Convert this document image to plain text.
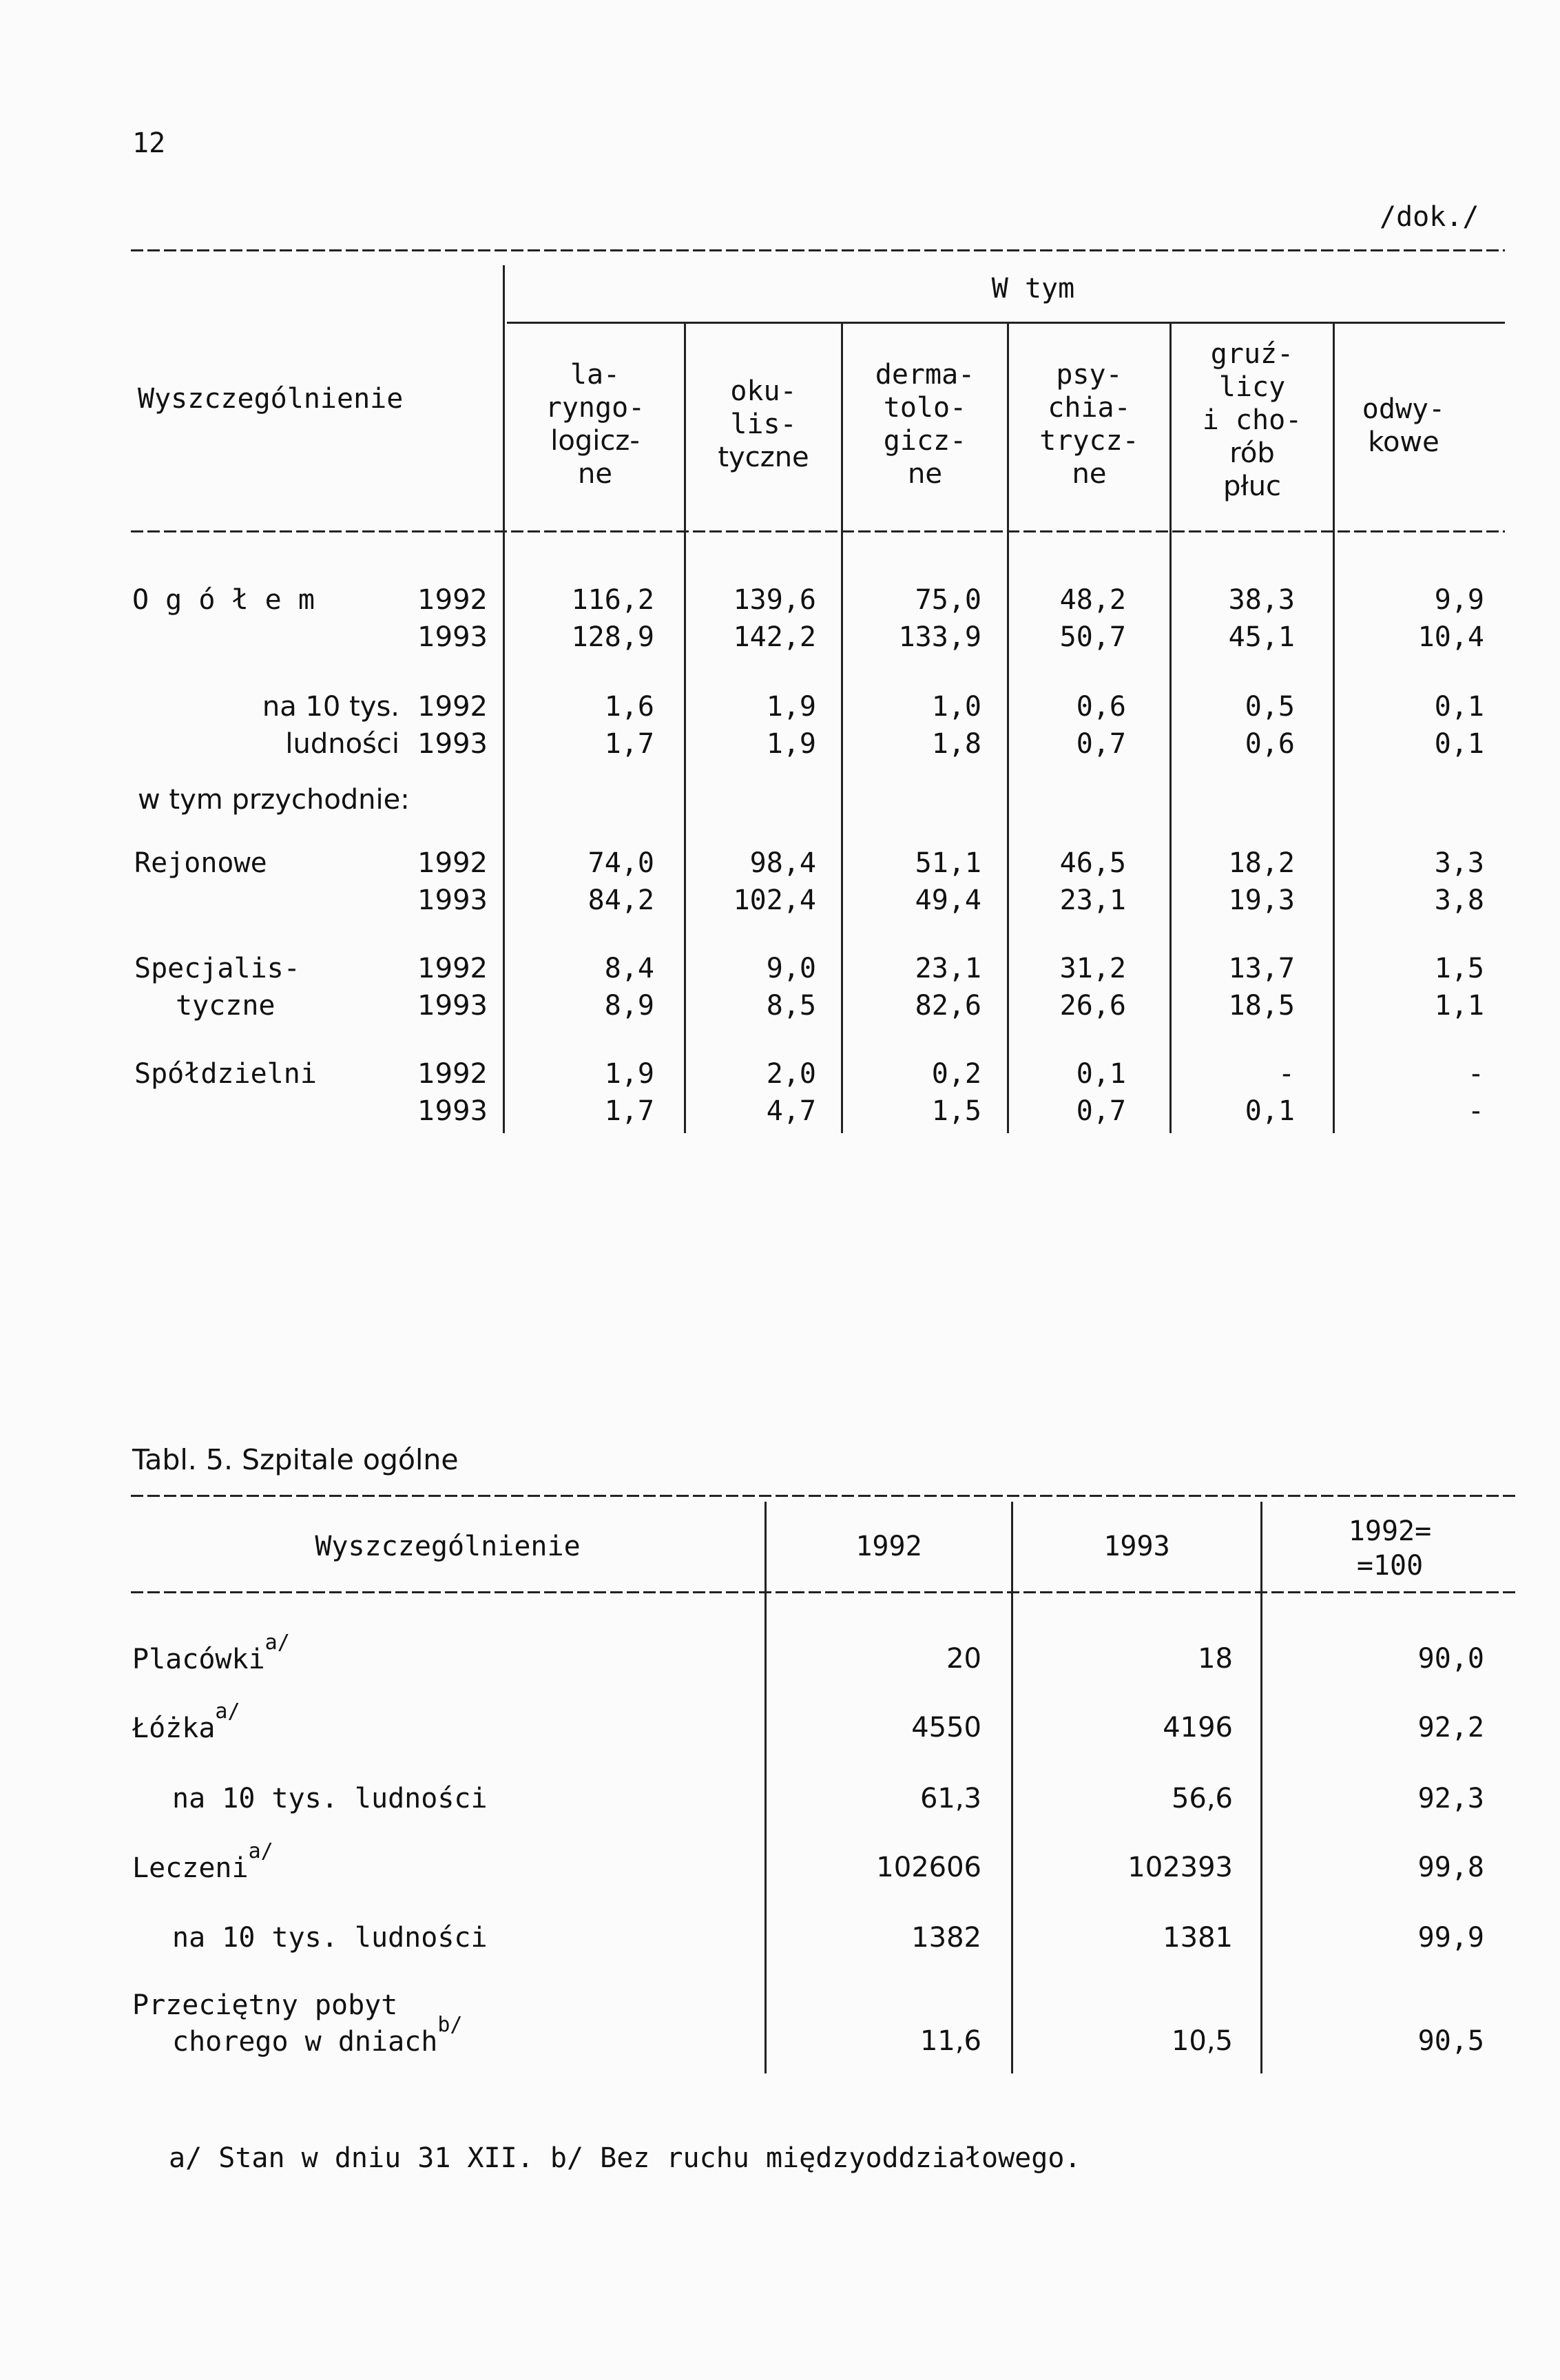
12
/dok./
Wyszczególnienie
W tym
la-
ryngo-
logicz-
ne
oku-
lis-
tyczne
derma-
tolo-
gicz-
ne
psy-
chia-
trycz-
ne
gruź-
licy
i cho-
rób
płuc
odwy-
kowe
O g ó ł e m	1992	116,2	139,6	75,0	48,2	38,3	9,9
1993	128,9	142,2	133,9	50,7	45,1	10,4
na 10 tys. 1992	1,6	1,9	1,0	0,6	0,5	0,1
ludności 1993	1,7	1,9	1,8	0,7	0,6	0,1
w tym przychodnie:
Rejonowe	1992	74,0	98,4	51,1	46,5	18,2	3,3
1993	84,2	102,4	49,4	23,1	19,3	3,8
Specjalis-	1992	8,4	9,0	23,1	31,2	13,7	1,5
tyczne	1993	8,9	8,5	82,6	26,6	18,5	1,1
Spółdzielni	1992	1,9	2,0	0,2	0,1	-	-
1993	1,7	4,7	1,5	0,7	0,1	-
Tabl. 5. Szpitale ogólne
Wyszczególnienie	1992	1993	1992=
=100
Placówki$^{a/}$
20	18	90,0
Łóżka$^{a/}$
4550	4196	92,2
na 10 tys. ludności	61,3	56,6	92,3
Leczeni$^{a/}$
102606	102393	99,8
na 10 tys. ludności	1382	1381	99,9
Przeciętny pobyt
chorego w dniach$^{b/}$
11,6	10,5	90,5
a/ Stan w dniu 31 XII. b/ Bez ruchu międzyoddziałowego.
